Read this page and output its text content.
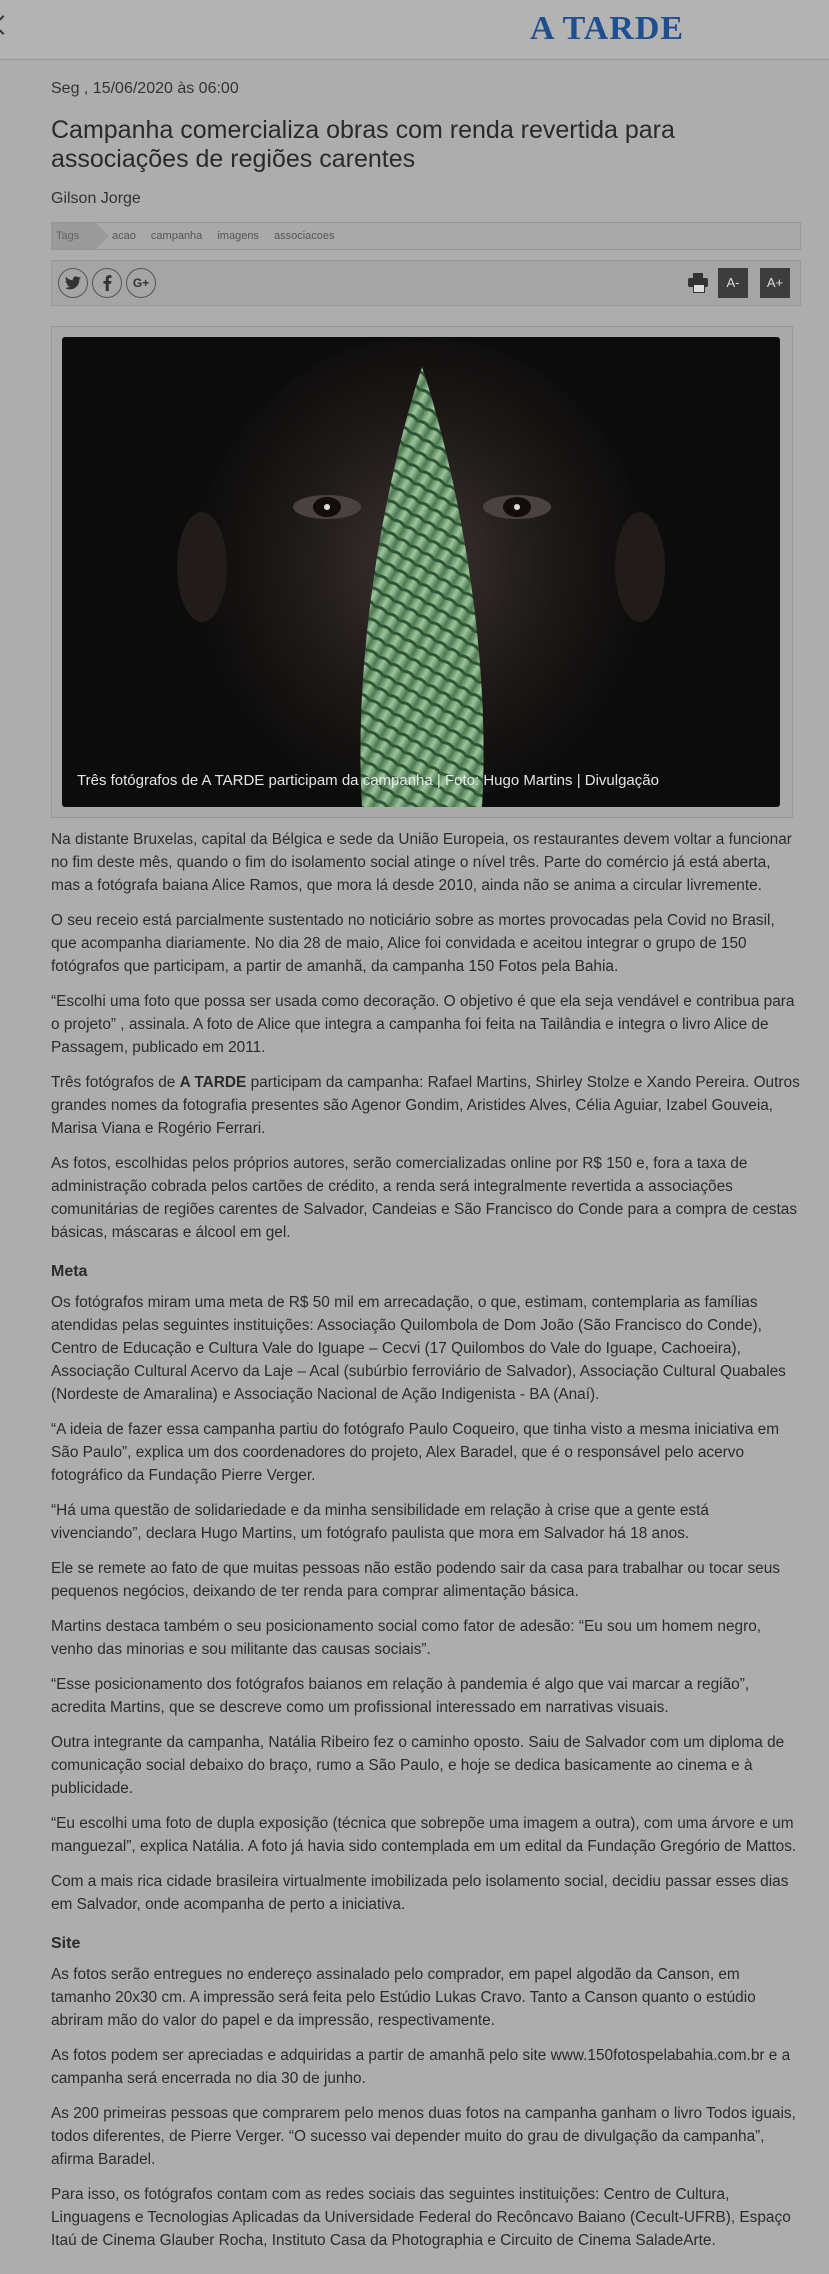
A TARDE
Seg , 15/06/2020 às 06:00
Campanha comercializa obras com renda revertida para associações de regiões carentes
Gilson Jorge
Tags	acao campanha imagens associacoes
G+	A-	A+
Três fotógrafos de A TARDE participam da campanha | Foto: Hugo Martins | Divulgação

Na distante Bruxelas, capital da Bélgica e sede da União Europeia, os restaurantes devem voltar a funcionar no fim deste mês, quando o fim do isolamento social atinge o nível três. Parte do comércio já está aberta, mas a fotógrafa baiana Alice Ramos, que mora lá desde 2010, ainda não se anima a circular livremente.

O seu receio está parcialmente sustentado no noticiário sobre as mortes provocadas pela Covid no Brasil, que acompanha diariamente. No dia 28 de maio, Alice foi convidada e aceitou integrar o grupo de 150 fotógrafos que participam, a partir de amanhã, da campanha 150 Fotos pela Bahia.

“Escolhi uma foto que possa ser usada como decoração. O objetivo é que ela seja vendável e contribua para o projeto” , assinala. A foto de Alice que integra a campanha foi feita na Tailândia e integra o livro Alice de Passagem, publicado em 2011.

Três fotógrafos de A TARDE participam da campanha: Rafael Martins, Shirley Stolze e Xando Pereira. Outros grandes nomes da fotografia presentes são Agenor Gondim, Aristides Alves, Célia Aguiar, Izabel Gouveia, Marisa Viana e Rogério Ferrari.

As fotos, escolhidas pelos próprios autores, serão comercializadas online por R$ 150 e, fora a taxa de administração cobrada pelos cartões de crédito, a renda será integralmente revertida a associações comunitárias de regiões carentes de Salvador, Candeias e São Francisco do Conde para a compra de cestas básicas, máscaras e álcool em gel.

Meta

Os fotógrafos miram uma meta de R$ 50 mil em arrecadação, o que, estimam, contemplaria as famílias atendidas pelas seguintes instituições: Associação Quilombola de Dom João (São Francisco do Conde), Centro de Educação e Cultura Vale do Iguape – Cecvi (17 Quilombos do Vale do Iguape, Cachoeira), Associação Cultural Acervo da Laje – Acal (subúrbio ferroviário de Salvador), Associação Cultural Quabales (Nordeste de Amaralina) e Associação Nacional de Ação Indigenista - BA (Anaí).

“A ideia de fazer essa campanha partiu do fotógrafo Paulo Coqueiro, que tinha visto a mesma iniciativa em São Paulo”, explica um dos coordenadores do projeto, Alex Baradel, que é o responsável pelo acervo fotográfico da Fundação Pierre Verger.

“Há uma questão de solidariedade e da minha sensibilidade em relação à crise que a gente está vivenciando”, declara Hugo Martins, um fotógrafo paulista que mora em Salvador há 18 anos.

Ele se remete ao fato de que muitas pessoas não estão podendo sair da casa para trabalhar ou tocar seus pequenos negócios, deixando de ter renda para comprar alimentação básica.

Martins destaca também o seu posicionamento social como fator de adesão: “Eu sou um homem negro, venho das minorias e sou militante das causas sociais”.

“Esse posicionamento dos fotógrafos baianos em relação à pandemia é algo que vai marcar a região”, acredita Martins, que se descreve como um profissional interessado em narrativas visuais.

Outra integrante da campanha, Natália Ribeiro fez o caminho oposto. Saiu de Salvador com um diploma de comunicação social debaixo do braço, rumo a São Paulo, e hoje se dedica basicamente ao cinema e à publicidade.

“Eu escolhi uma foto de dupla exposição (técnica que sobrepõe uma imagem a outra), com uma árvore e um manguezal”, explica Natália. A foto já havia sido contemplada em um edital da Fundação Gregório de Mattos.

Com a mais rica cidade brasileira virtualmente imobilizada pelo isolamento social, decidiu passar esses dias em Salvador, onde acompanha de perto a iniciativa.

Site

As fotos serão entregues no endereço assinalado pelo comprador, em papel algodão da Canson, em tamanho 20x30 cm. A impressão será feita pelo Estúdio Lukas Cravo. Tanto a Canson quanto o estúdio abriram mão do valor do papel e da impressão, respectivamente.

As fotos podem ser apreciadas e adquiridas a partir de amanhã pelo site www.150fotospelabahia.com.br e a campanha será encerrada no dia 30 de junho.

As 200 primeiras pessoas que comprarem pelo menos duas fotos na campanha ganham o livro Todos iguais, todos diferentes, de Pierre Verger. “O sucesso vai depender muito do grau de divulgação da campanha”, afirma Baradel.

Para isso, os fotógrafos contam com as redes sociais das seguintes instituições: Centro de Cultura, Linguagens e Tecnologias Aplicadas da Universidade Federal do Recôncavo Baiano (Cecult-UFRB), Espaço Itaú de Cinema Glauber Rocha, Instituto Casa da Photographia e Circuito de Cinema SaladeArte.
